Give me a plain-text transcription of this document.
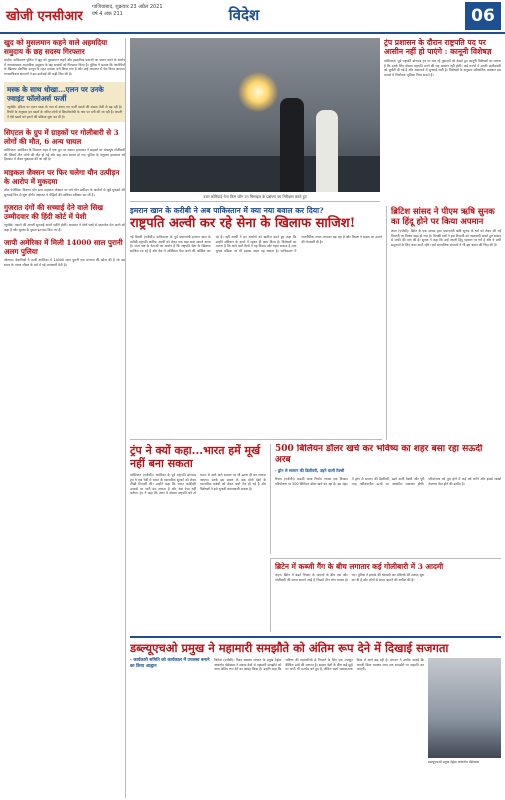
खोजी एनसीआर
गाजियाबाद, शुक्रवार 23 अप्रैल 2021
वर्ष 4 अंक 211	विदेश	06
खुद को मुसलमान कहने वाले अहमदिया समुदाय के छह सदस्य गिरफ्तार

लाहौर। पाकिस्तान पुलिस ने खुद को मुसलमान कहने और इस्लामिक प्रथाओं का पालन करने के आरोप में अल्पसंख्यक अहमदिया समुदाय के छह सदस्यों को गिरफ्तार किया है। पुलिस ने बताया कि आरोपियों के खिलाफ ईशनिंदा कानून के तहत मामला दर्ज किया गया है और उन्हें अदालत में पेश किया जाएगा। मानवाधिकार संगठनों ने इस कार्रवाई की कड़ी निंदा की है।

मस्क के साथ धोखा...एलन पर उनके ज्वाइंट फॉलोअर्स फर्जी

न्यूयॉर्क। ट्विटर पर एलन मस्क के नाम से बनाए गए फर्जी खातों की संख्या तेजी से बढ़ रही है। रिपोर्ट के अनुसार इन खातों के जरिए लोगों से क्रिप्टोकरेंसी के नाम पर ठगी की जा रही है। कंपनी ने ऐसे खातों को हटाने की प्रक्रिया शुरू कर दी है।

सिएटल के ग्रुप में ग्राहकों पर गोलीबारी से 3 लोगों की मौत, 6 अन्य घायल

वाशिंगटन। अमेरिका के सिएटल शहर में एक ग्रुप पर अज्ञात हमलावर ने ग्राहकों पर अंधाधुंध गोलीबारी की जिसमें तीन लोगों की मौत हो गई और छह अन्य घायल हो गए। पुलिस के अनुसार हमलावर को हिरासत में लेकर पूछताछ की जा रही है।

माइकल जैक्सन पर फिर चलेगा यौन उत्पीड़न के आरोप में मुकदमा

लॉस एंजेलिस। दिवंगत पॉप स्टार माइकल जैक्सन पर लगे यौन उत्पीड़न के आरोपों से जुड़े मुकदमे की सुनवाई फिर से शुरू होगी। अदालत ने पीड़ितों की याचिका स्वीकार कर ली है।

गुजरात दंगों की सच्चाई देने वाले सिख उम्मीदवार की हिंदी कोर्ट में पेशी

न्यूयॉर्क। मामले की अगली सुनवाई अगले महीने होगी। अदालत ने दोनों पक्षों से दस्तावेज पेश करने को कहा है और सुरक्षा के पुख्ता इंतजाम किए गए हैं।

जापी अमेरिका में मिली 14000 साल पुरानी अलग पुलिया

ओटावा। वैज्ञानिकों ने उत्तरी अमेरिका में 14000 साल पुरानी एक संरचना की खोज की है जो उस समय के मानव जीवन के बारे में नई जानकारी देती है।

उत्तर कोरियाई नेता किम जोंग उन मिसाइल के प्रक्षेपण का निरीक्षण करते हुए
ट्रंप प्रशासन के दौरान राष्ट्रपति पद पर आसीन नहीं हो पाएंगे : कानूनी विशेषज्ञ

वाशिंगटन। पूर्व राष्ट्रपति डोनाल्ड ट्रंप पर चल रहे मुकदमों को देखते हुए कानूनी विशेषज्ञों का मानना है कि उनके लिए दोबारा राष्ट्रपति बनने की राह आसान नहीं होगी। कई राज्यों में उनकी उम्मीदवारी को चुनौती दी गई है और अदालतों में सुनवाई जारी है। विशेषज्ञों के अनुसार संवैधानिक प्रावधान इस मामले में निर्णायक भूमिका निभा सकते हैं।

इमरान खान के करीबी ने अब पाकिस्तान में क्या नया बवाल कर दिया?
राष्ट्रपति अल्वी कर रहे सेना के खिलाफ साजिश!

नई दिल्ली (एजेंसी)। पाकिस्तान के पूर्व प्रधानमंत्री इमरान खान के करीबी राष्ट्रपति आरिफ अल्वी को लेकर एक बड़ा दावा सामने आया है। सत्ता पक्ष के नेताओं का आरोप है कि राष्ट्रपति सेना के खिलाफ साजिश रच रहे हैं और देश में अस्थिरता पैदा करने की कोशिश कर रहे हैं। वहीं अल्वी ने इन आरोपों को खारिज करते हुए कहा कि उन्होंने संविधान के दायरे में रहकर ही काम किया है। विशेषज्ञों का मानना है कि आने वाले दिनों में यह विवाद और गहरा सकता है तथा चुनाव प्रक्रिया पर भी इसका असर पड़ सकता है। पाकिस्तान में राजनीतिक तनाव लगातार बढ़ रहा है और विपक्ष ने सड़क पर उतरने की चेतावनी दी है।

ब्रिटिश सांसद ने पीएम ऋषि सुनक का हिंदू होने पर किया अपमान

लंदन (एजेंसी)। ब्रिटेन के एक सांसद द्वारा प्रधानमंत्री ऋषि सुनक के धर्म को लेकर की गई टिप्पणी पर विवाद खड़ा हो गया है। विपक्षी दलों ने इस टिप्पणी को नस्लवादी बताते हुए सांसद से माफी की मांग की है। सुनक ने कहा कि उन्हें अपनी हिंदू पहचान पर गर्व है और वे सभी समुदायों के लिए काम करते रहेंगे। कई सामाजिक संगठनों ने भी इस बयान की निंदा की है।

ट्रंप ने क्यों कहा...भारत हमें मूर्ख नहीं बना सकता

वाशिंगटन (एजेंसी)। अमेरिका के पूर्व राष्ट्रपति डोनाल्ड ट्रंप ने एक रैली में भारत के व्यापारिक शुल्कों को लेकर तीखी टिप्पणी की। उन्होंने कहा कि भारत अमेरिकी उत्पादों पर भारी कर लगाता है और अब ऐसा नहीं चलेगा। ट्रंप ने कहा कि अगर वे दोबारा राष्ट्रपति बने तो भारत से आने वाले सामान पर भी उतना ही कर लगाया जाएगा। उनके इस बयान के बाद दोनों देशों के व्यापारिक संबंधों को लेकर चर्चा तेज हो गई है और विशेषज्ञों ने इसे चुनावी बयानबाजी बताया है।

500 बिलियन डॉलर खर्च कर भविष्य का शहर बसा रहा सऊदी अरब
- ड्रोन से सामान की डिलीवरी, उड़ने वाली टैक्सी

रियाद (एजेंसी)। सऊदी अरब नियोम नामक एक विशाल परियोजना पर 500 बिलियन डॉलर खर्च कर रहा है। इस शहर में ड्रोन से सामान की डिलीवरी, उड़ने वाली टैक्सी और पूरी तरह नवीकरणीय ऊर्जा पर आधारित व्यवस्था होगी। परियोजना को पूरा होने में कई वर्ष लगेंगे और इससे लाखों रोजगार पैदा होने की उम्मीद है।

ब्रिटेन में कब्जी गैंग के बीच लगातार कई गोलीबारी में 3 आदमी

लंदन। ब्रिटेन में बढ़ते गैंगवार के मामलों के बीच एक और गोलीबारी की घटना सामने आई है जिसमें तीन लोग घायल हो गए। पुलिस ने इलाके की घेराबंदी कर संदिग्धों की तलाश शुरू कर दी है और लोगों से संयम बरतने की अपील की है।

डब्ल्यूएचओ प्रमुख ने महामारी समझौते को अंतिम रूप देने में दिखाई सजगता
- कार्यकारी समिति को कार्यकाल में उपलब्ध बनाने का किया आह्वान

जिनेवा (एजेंसी)। विश्व स्वास्थ्य संगठन के प्रमुख टेड्रोस अधानोम घेब्रेयसस ने सदस्य देशों से महामारी समझौते को जल्द अंतिम रूप देने का आग्रह किया है। उन्होंने कहा कि भविष्य की महामारियों से निपटने के लिए एक मजबूत वैश्विक ढांचे की जरूरत है। सदस्य देशों के बीच कई मुद्दों पर अभी भी मतभेद बने हुए हैं, लेकिन वार्ता सकारात्मक दिशा में आगे बढ़ रही है। संगठन ने उम्मीद जताई कि अगली विश्व स्वास्थ्य सभा तक समझौते पर सहमति बन जाएगी।

डब्ल्यूएचओ प्रमुख टेड्रोस अधानोम घेब्रेयसस
